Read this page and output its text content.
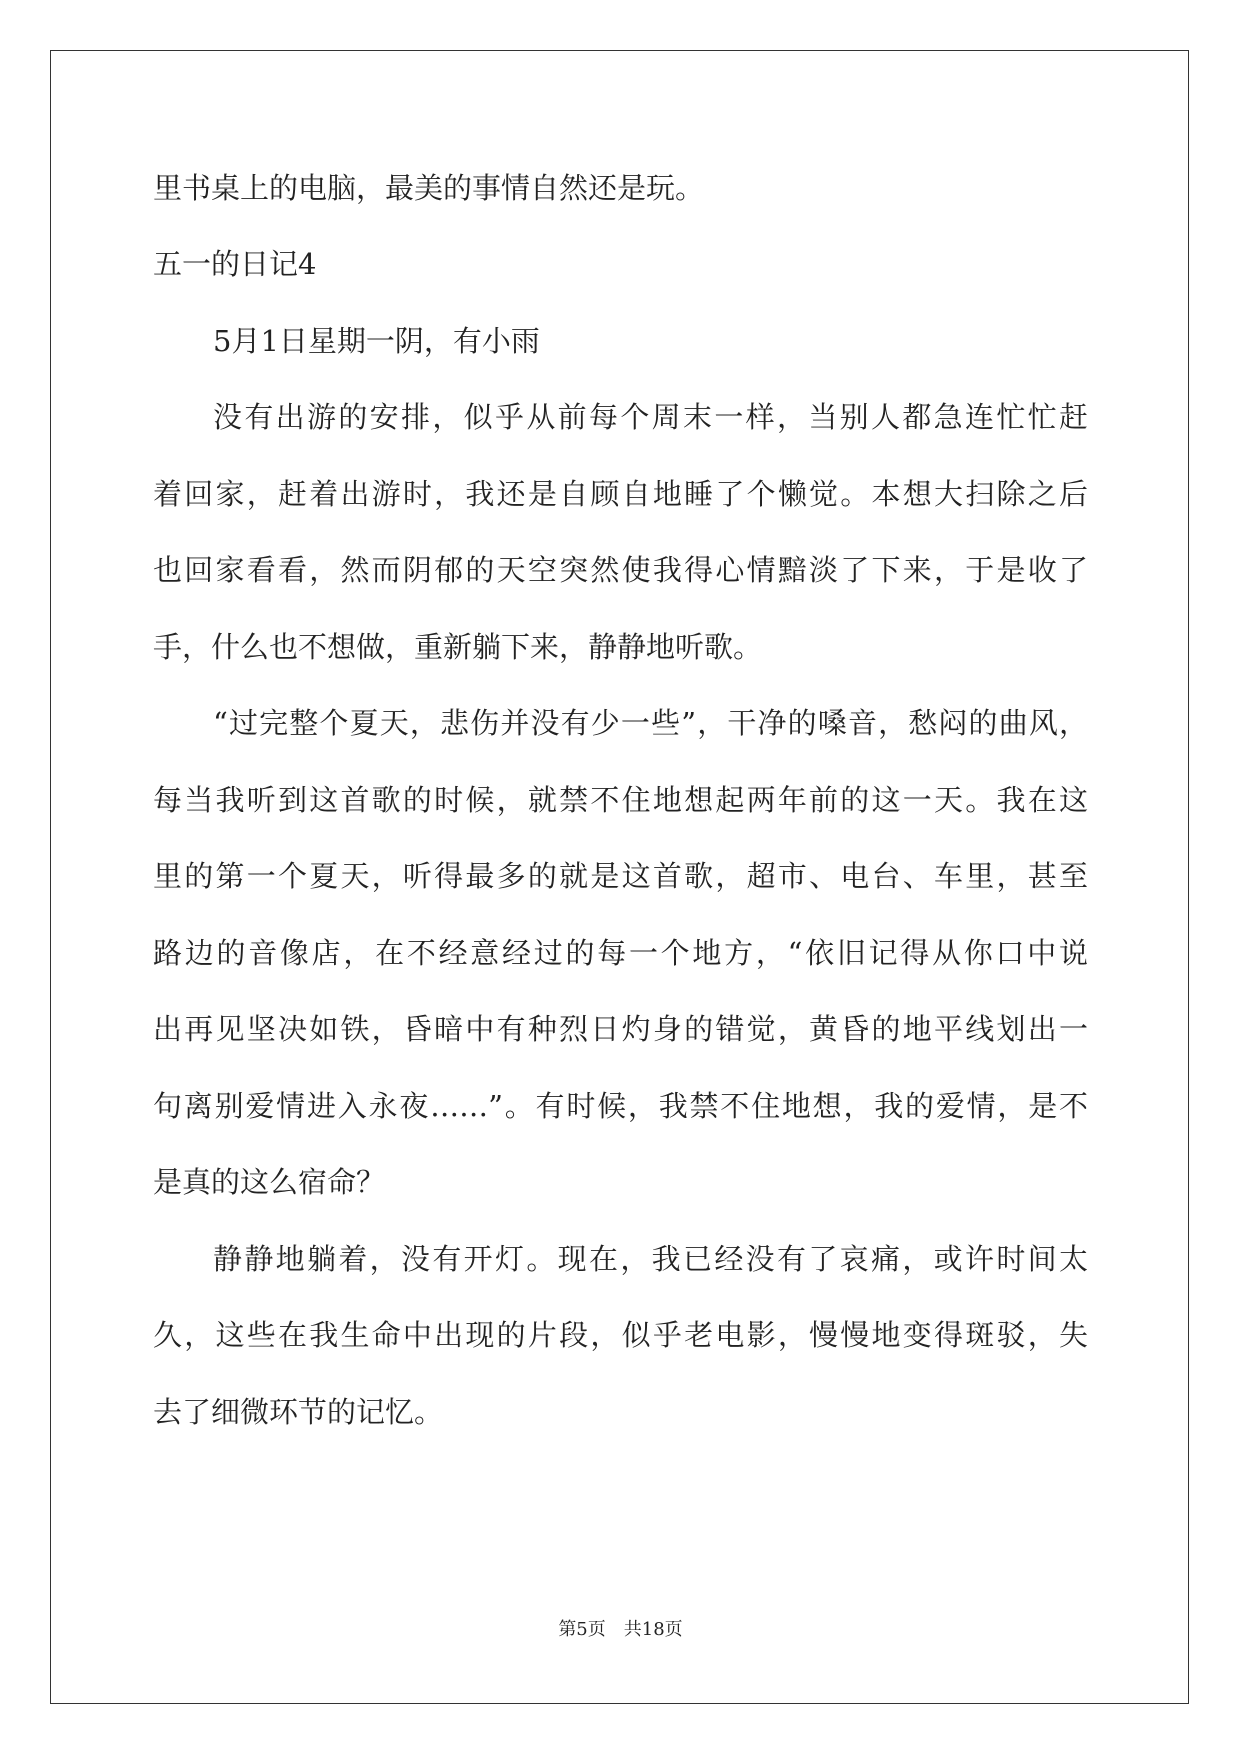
里书桌上的电脑，最美的事情自然还是玩。
五一的日记4
5月1日星期一阴，有小雨
没有出游的安排，似乎从前每个周末一样，当别人都急连忙忙赶
着回家，赶着出游时，我还是自顾自地睡了个懒觉。本想大扫除之后
也回家看看，然而阴郁的天空突然使我得心情黯淡了下来，于是收了
手，什么也不想做，重新躺下来，静静地听歌。
“过完整个夏天，悲伤并没有少一些”，干净的嗓音，愁闷的曲风，
每当我听到这首歌的时候，就禁不住地想起两年前的这一天。我在这
里的第一个夏天，听得最多的就是这首歌，超市、电台、车里，甚至
路边的音像店，在不经意经过的每一个地方，“依旧记得从你口中说
出再见坚决如铁，昏暗中有种烈日灼身的错觉，黄昏的地平线划出一
句离别爱情进入永夜……”。有时候，我禁不住地想，我的爱情，是不
是真的这么宿命？
静静地躺着，没有开灯。现在，我已经没有了哀痛，或许时间太
久，这些在我生命中出现的片段，似乎老电影，慢慢地变得斑驳，失
去了细微环节的记忆。
第5页　共18页
